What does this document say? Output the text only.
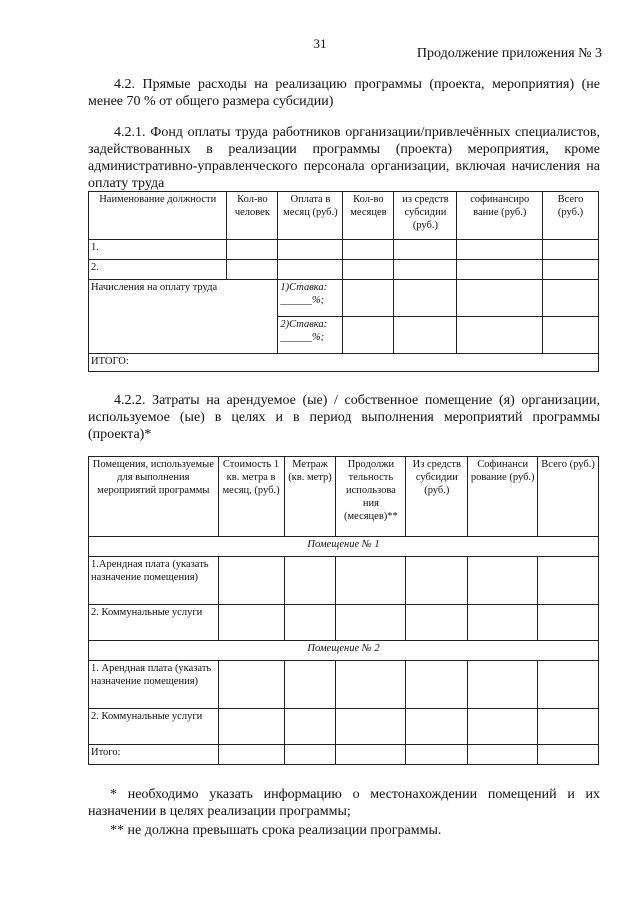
31
Продолжение приложения № 3
4.2. Прямые расходы на реализацию программы (проекта, мероприятия) (не менее 70 % от общего размера субсидии)
4.2.1. Фонд оплаты труда работников организации/привлечённых специалистов, задействованных в реализации программы (проекта) мероприятия, кроме административно-управленческого персонала организации, включая начисления на оплату труда
Наименование должности	Кол-во человек	Оплата в месяц (руб.)	Кол-во месяцев	из средств субсидии (руб.)	софинансиро вание (руб.)	Всего (руб.)
1.						
2.						
Начисления на оплату труда		1)Ставка: ______%;				
		2)Ставка: ______%;				
ИТОГО:						
4.2.2. Затраты на арендуемое (ые) / собственное помещение (я) организации, используемое (ые) в целях и в период выполнения мероприятий программы (проекта)*
Помещения, используемые для выполнения мероприятий программы	Стоимость 1 кв. метра в месяц, (руб.)	Метраж (кв. метр)	Продолжи тельность использова ния (месяцев)**	Из средств субсидии (руб.)	Софинанси рование (руб.)	Всего (руб.)
Помещение № 1						
1.Арендная плата (указать назначение помещения)						
2. Коммунальные услуги						
Помещение № 2						
1. Арендная плата (указать назначение помещения)						
2. Коммунальные услуги						
Итого:						
* необходимо указать информацию о местонахождении помещений и их назначении в целях реализации программы;
** не должна превышать срока реализации программы.
